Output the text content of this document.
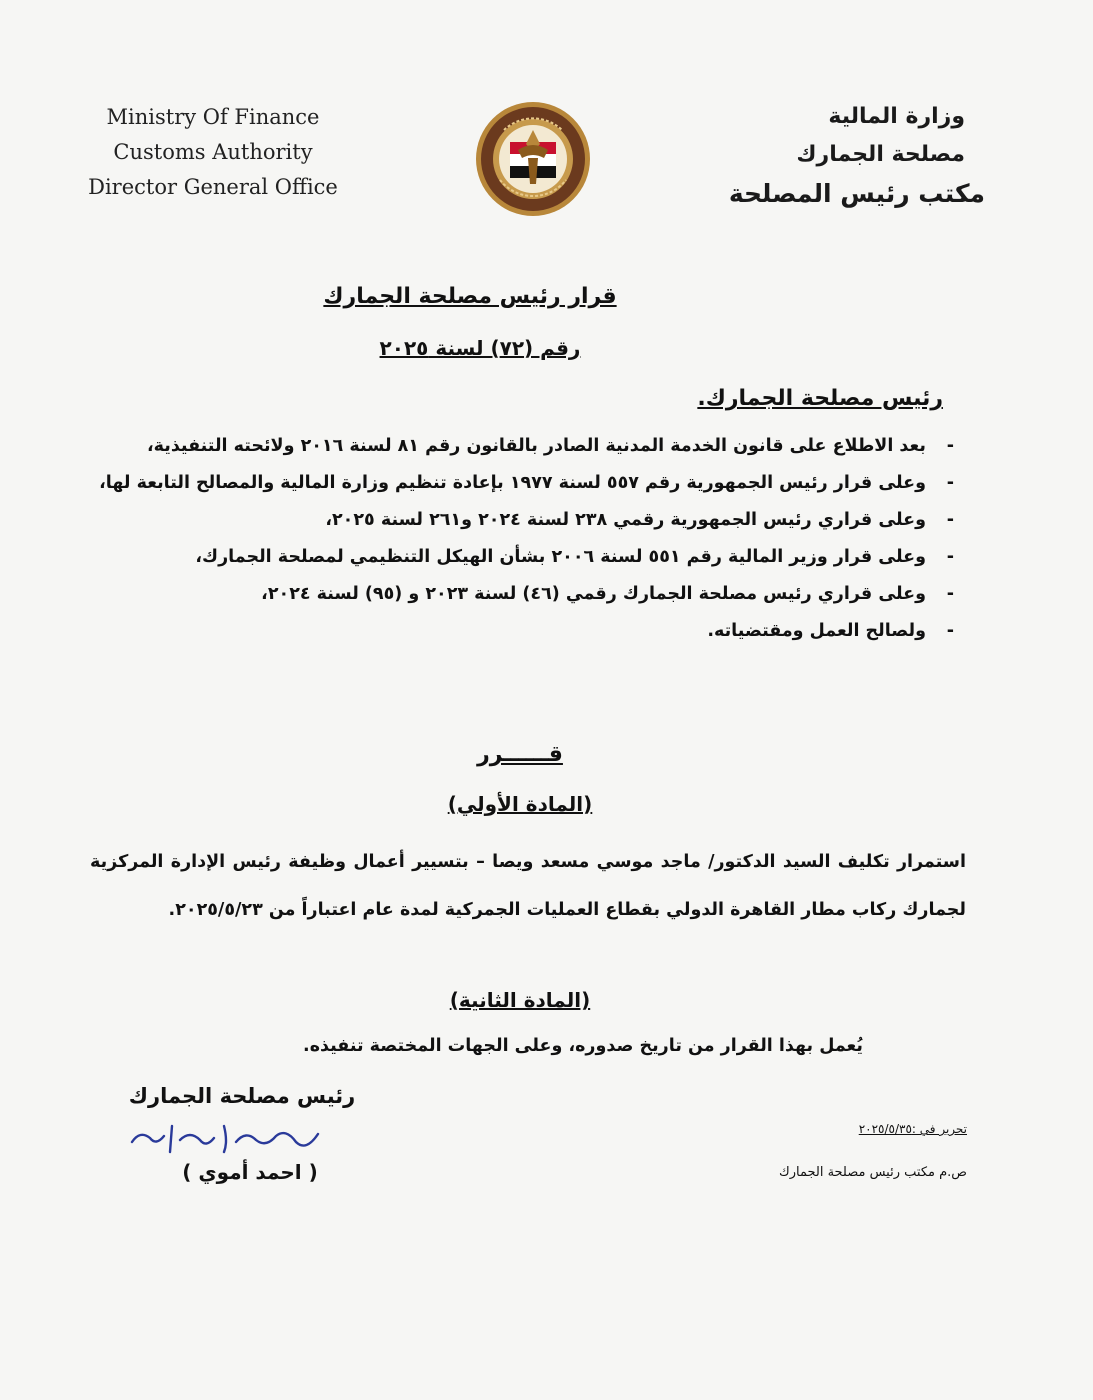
Ministry Of Finance
Customs Authority
Director General Office
وزارة المالية
مصلحة الجمارك
مكتب رئيس المصلحة
قرار رئيس مصلحة الجمارك
رقم (٧٢) لسنة ٢٠٢٥
رئيس مصلحة الجمارك.
- بعد الاطلاع على قانون الخدمة المدنية الصادر بالقانون رقم ٨١ لسنة ٢٠١٦ ولائحته التنفيذية،
- وعلى قرار رئيس الجمهورية رقم ٥٥٧ لسنة ١٩٧٧ بإعادة تنظيم وزارة المالية والمصالح التابعة لها،
- وعلى قراري رئيس الجمهورية رقمي ٢٣٨ لسنة ٢٠٢٤ و٢٦١ لسنة ٢٠٢٥،
- وعلى قرار وزير المالية رقم ٥٥١ لسنة ٢٠٠٦ بشأن الهيكل التنظيمي لمصلحة الجمارك،
- وعلى قراري رئيس مصلحة الجمارك رقمي (٤٦) لسنة ٢٠٢٣ و (٩٥) لسنة ٢٠٢٤،
- ولصالح العمل ومقتضياته.
قــــــرر
(المادة الأولي)
استمرار تكليف السيد الدكتور/ ماجد موسي مسعد ويصا – بتسيير أعمال وظيفة رئيس الإدارة المركزية لجمارك ركاب مطار القاهرة الدولي بقطاع العمليات الجمركية لمدة عام اعتباراً من ٢٠٢٥/٥/٢٣.
(المادة الثانية)
يُعمل بهذا القرار من تاريخ صدوره، وعلى الجهات المختصة تنفيذه.
رئيس مصلحة الجمارك
( احمد أموي )
تحرير في :٢٠٢٥/٥/٣٥
ص.م مكتب رئيس مصلحة الجمارك
